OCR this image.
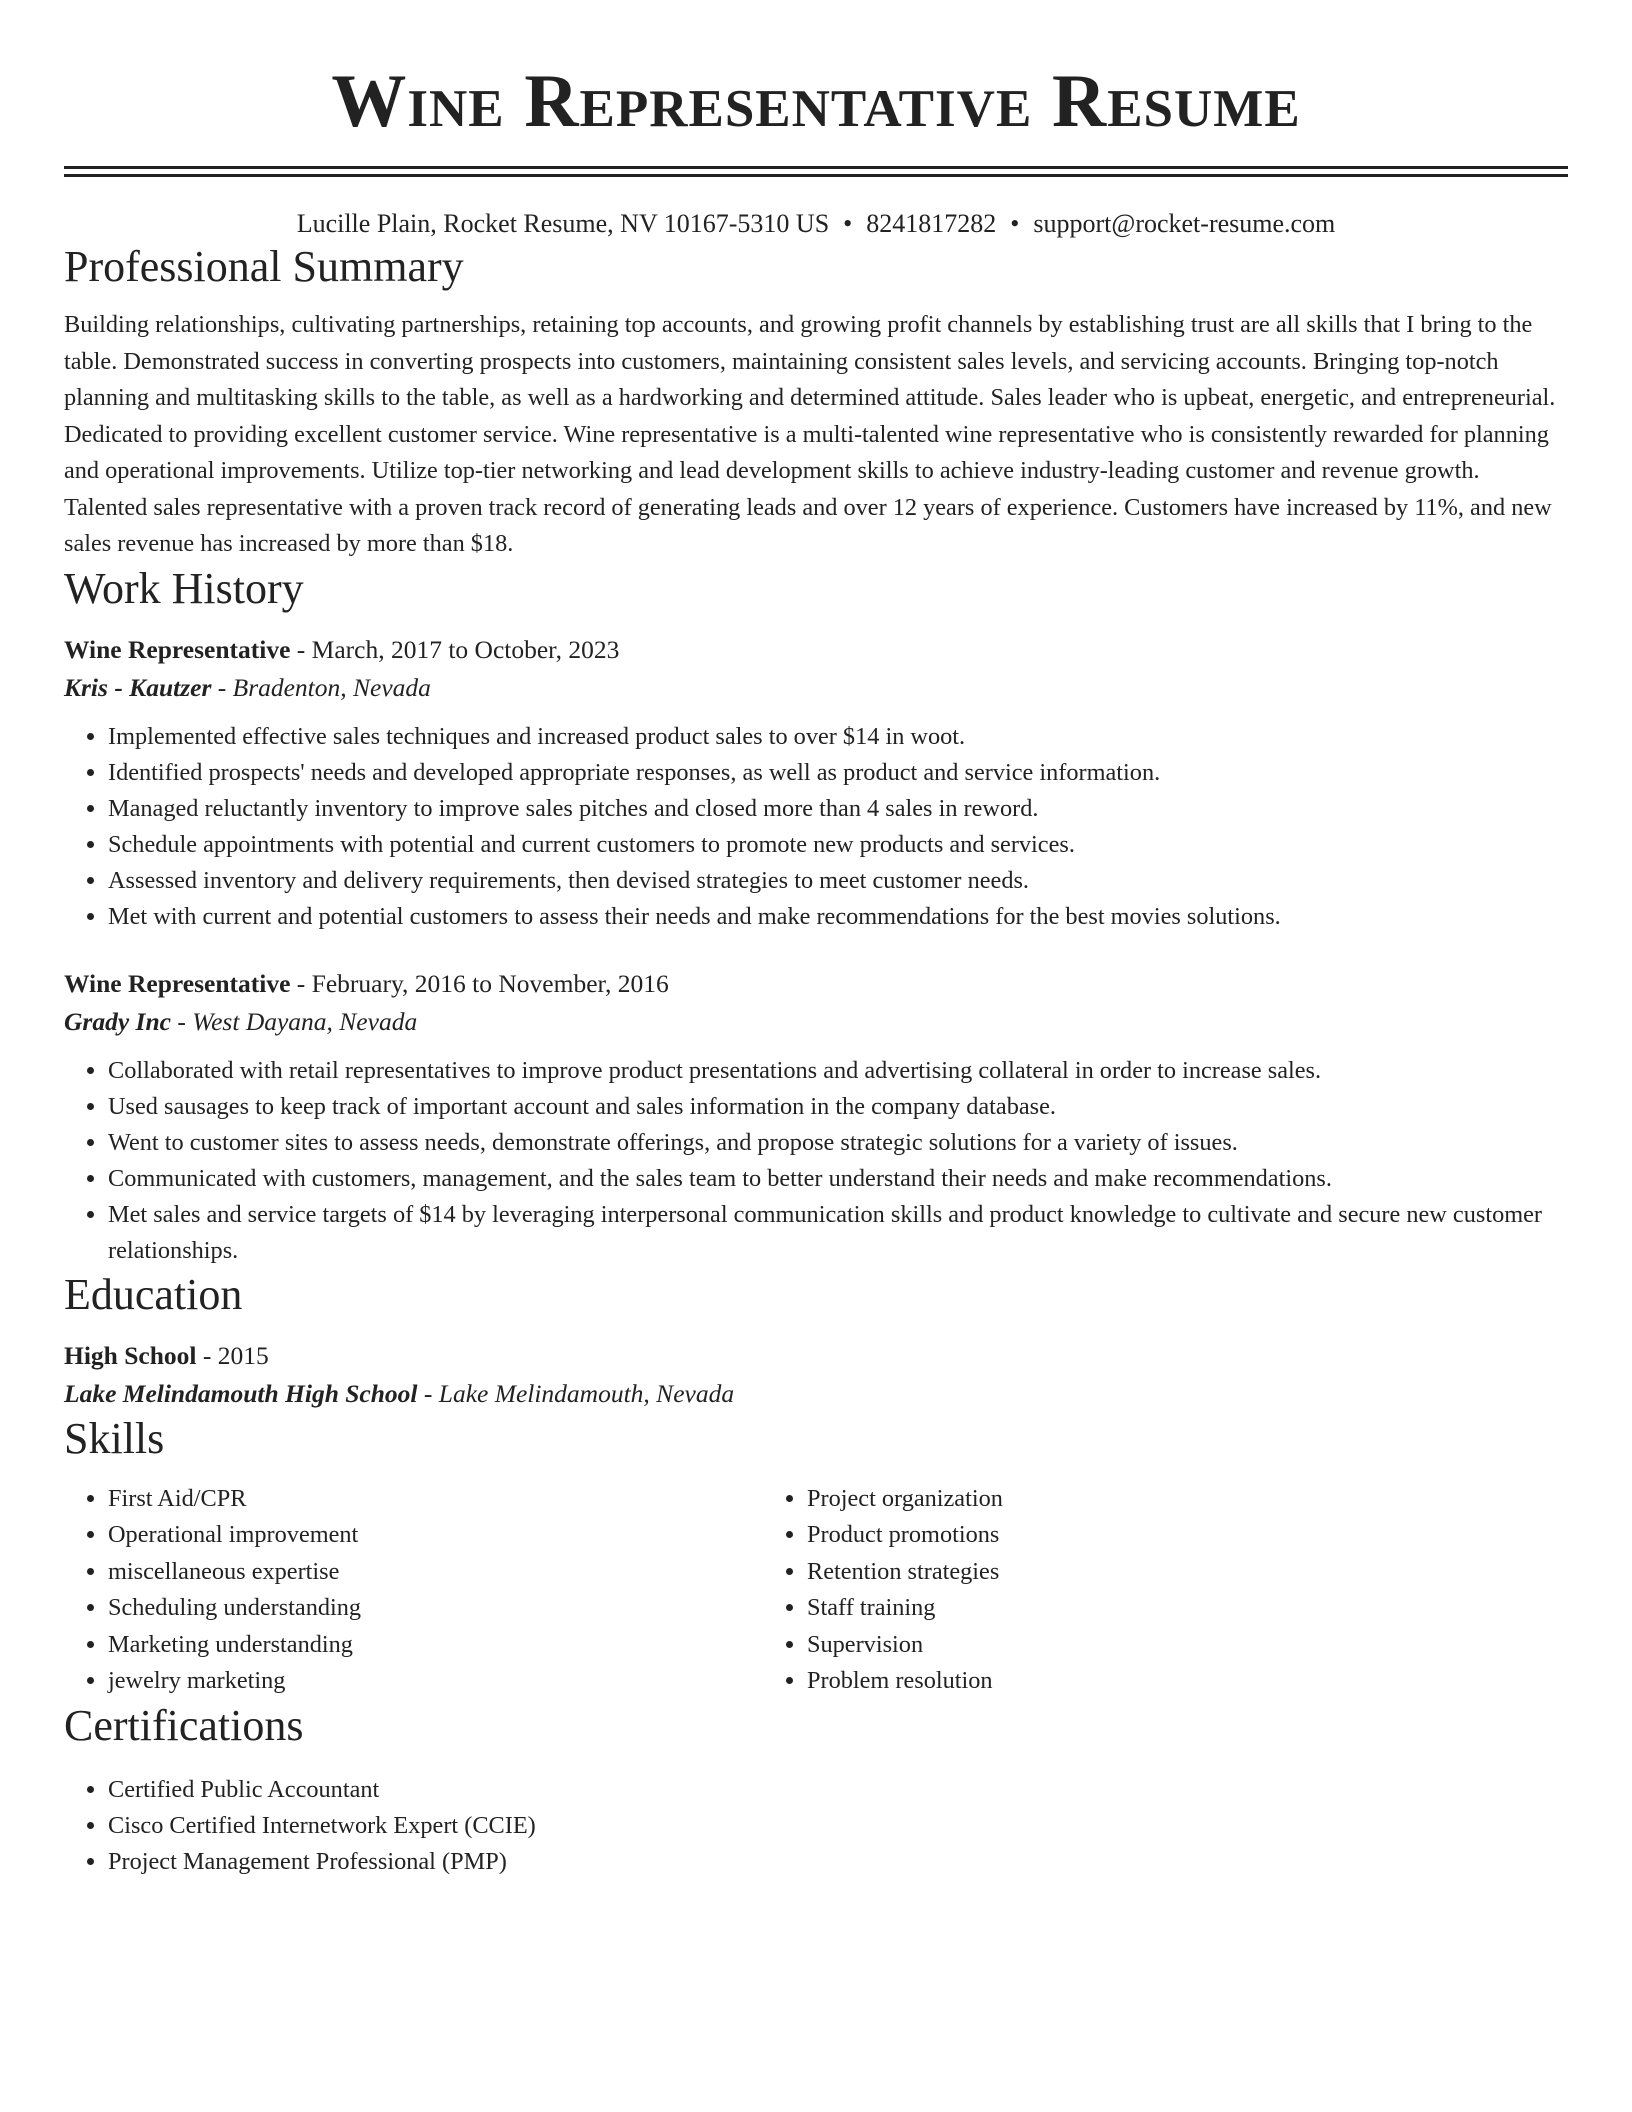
Wine Representative Resume
Lucille Plain, Rocket Resume, NV 10167-5310 US • 8241817282 • support@rocket-resume.com
Professional Summary
Building relationships, cultivating partnerships, retaining top accounts, and growing profit channels by establishing trust are all skills that I bring to the table. Demonstrated success in converting prospects into customers, maintaining consistent sales levels, and servicing accounts. Bringing top-notch planning and multitasking skills to the table, as well as a hardworking and determined attitude. Sales leader who is upbeat, energetic, and entrepreneurial. Dedicated to providing excellent customer service. Wine representative is a multi-talented wine representative who is consistently rewarded for planning and operational improvements. Utilize top-tier networking and lead development skills to achieve industry-leading customer and revenue growth. Talented sales representative with a proven track record of generating leads and over 12 years of experience. Customers have increased by 11%, and new sales revenue has increased by more than $18.
Work History
Wine Representative - March, 2017 to October, 2023
Kris - Kautzer - Bradenton, Nevada
• Implemented effective sales techniques and increased product sales to over $14 in woot.
• Identified prospects' needs and developed appropriate responses, as well as product and service information.
• Managed reluctantly inventory to improve sales pitches and closed more than 4 sales in reword.
• Schedule appointments with potential and current customers to promote new products and services.
• Assessed inventory and delivery requirements, then devised strategies to meet customer needs.
• Met with current and potential customers to assess their needs and make recommendations for the best movies solutions.
Wine Representative - February, 2016 to November, 2016
Grady Inc - West Dayana, Nevada
• Collaborated with retail representatives to improve product presentations and advertising collateral in order to increase sales.
• Used sausages to keep track of important account and sales information in the company database.
• Went to customer sites to assess needs, demonstrate offerings, and propose strategic solutions for a variety of issues.
• Communicated with customers, management, and the sales team to better understand their needs and make recommendations.
• Met sales and service targets of $14 by leveraging interpersonal communication skills and product knowledge to cultivate and secure new customer relationships.
Education
High School - 2015
Lake Melindamouth High School - Lake Melindamouth, Nevada
Skills
• First Aid/CPR
• Operational improvement
• miscellaneous expertise
• Scheduling understanding
• Marketing understanding
• jewelry marketing
• Project organization
• Product promotions
• Retention strategies
• Staff training
• Supervision
• Problem resolution
Certifications
• Certified Public Accountant
• Cisco Certified Internetwork Expert (CCIE)
• Project Management Professional (PMP)
